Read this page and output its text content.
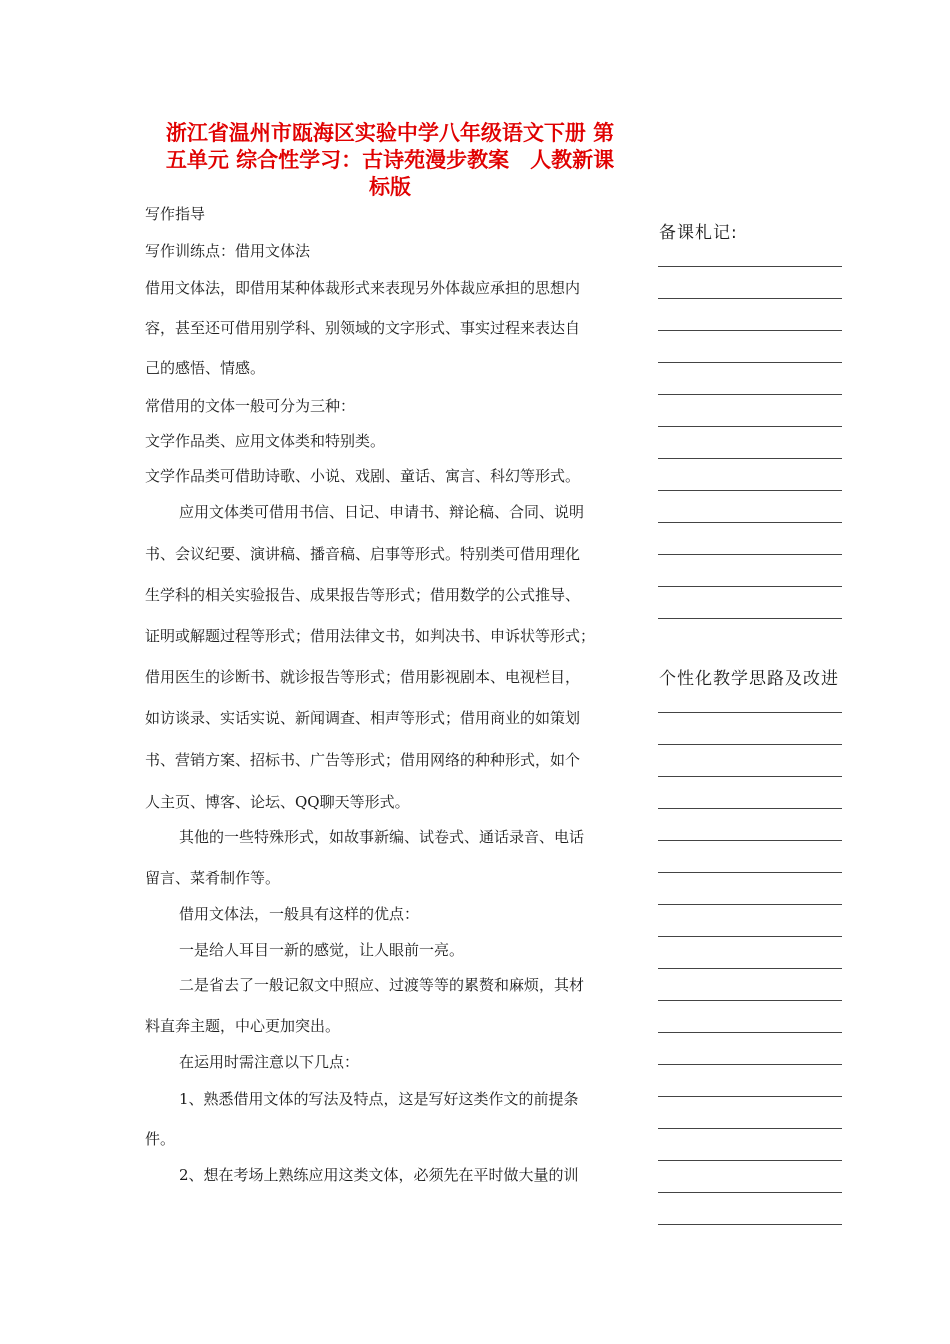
浙江省温州市瓯海区实验中学八年级语文下册 第
五单元 综合性学习：古诗苑漫步教案　人教新课
标版

写作指导

写作训练点：借用文体法

借用文体法，即借用某种体裁形式来表现另外体裁应承担的思想内

容，甚至还可借用别学科、别领域的文字形式、事实过程来表达自

己的感悟、情感。

常借用的文体一般可分为三种：

文学作品类、应用文体类和特别类。

文学作品类可借助诗歌、小说、戏剧、童话、寓言、科幻等形式。

应用文体类可借用书信、日记、申请书、辩论稿、合同、说明

书、会议纪要、演讲稿、播音稿、启事等形式。特别类可借用理化

生学科的相关实验报告、成果报告等形式；借用数学的公式推导、

证明或解题过程等形式；借用法律文书，如判决书、申诉状等形式；

借用医生的诊断书、就诊报告等形式；借用影视剧本、电视栏目，

如访谈录、实话实说、新闻调查、相声等形式；借用商业的如策划

书、营销方案、招标书、广告等形式；借用网络的种种形式，如个

人主页、博客、论坛、QQ聊天等形式。

其他的一些特殊形式，如故事新编、试卷式、通话录音、电话

留言、菜肴制作等。

借用文体法，一般具有这样的优点：

一是给人耳目一新的感觉，让人眼前一亮。

二是省去了一般记叙文中照应、过渡等等的累赘和麻烦，其材

料直奔主题，中心更加突出。

在运用时需注意以下几点：

1、熟悉借用文体的写法及特点，这是写好这类作文的前提条

件。

2、想在考场上熟练应用这类文体，必须先在平时做大量的训

备课札记:
个性化教学思路及改进
